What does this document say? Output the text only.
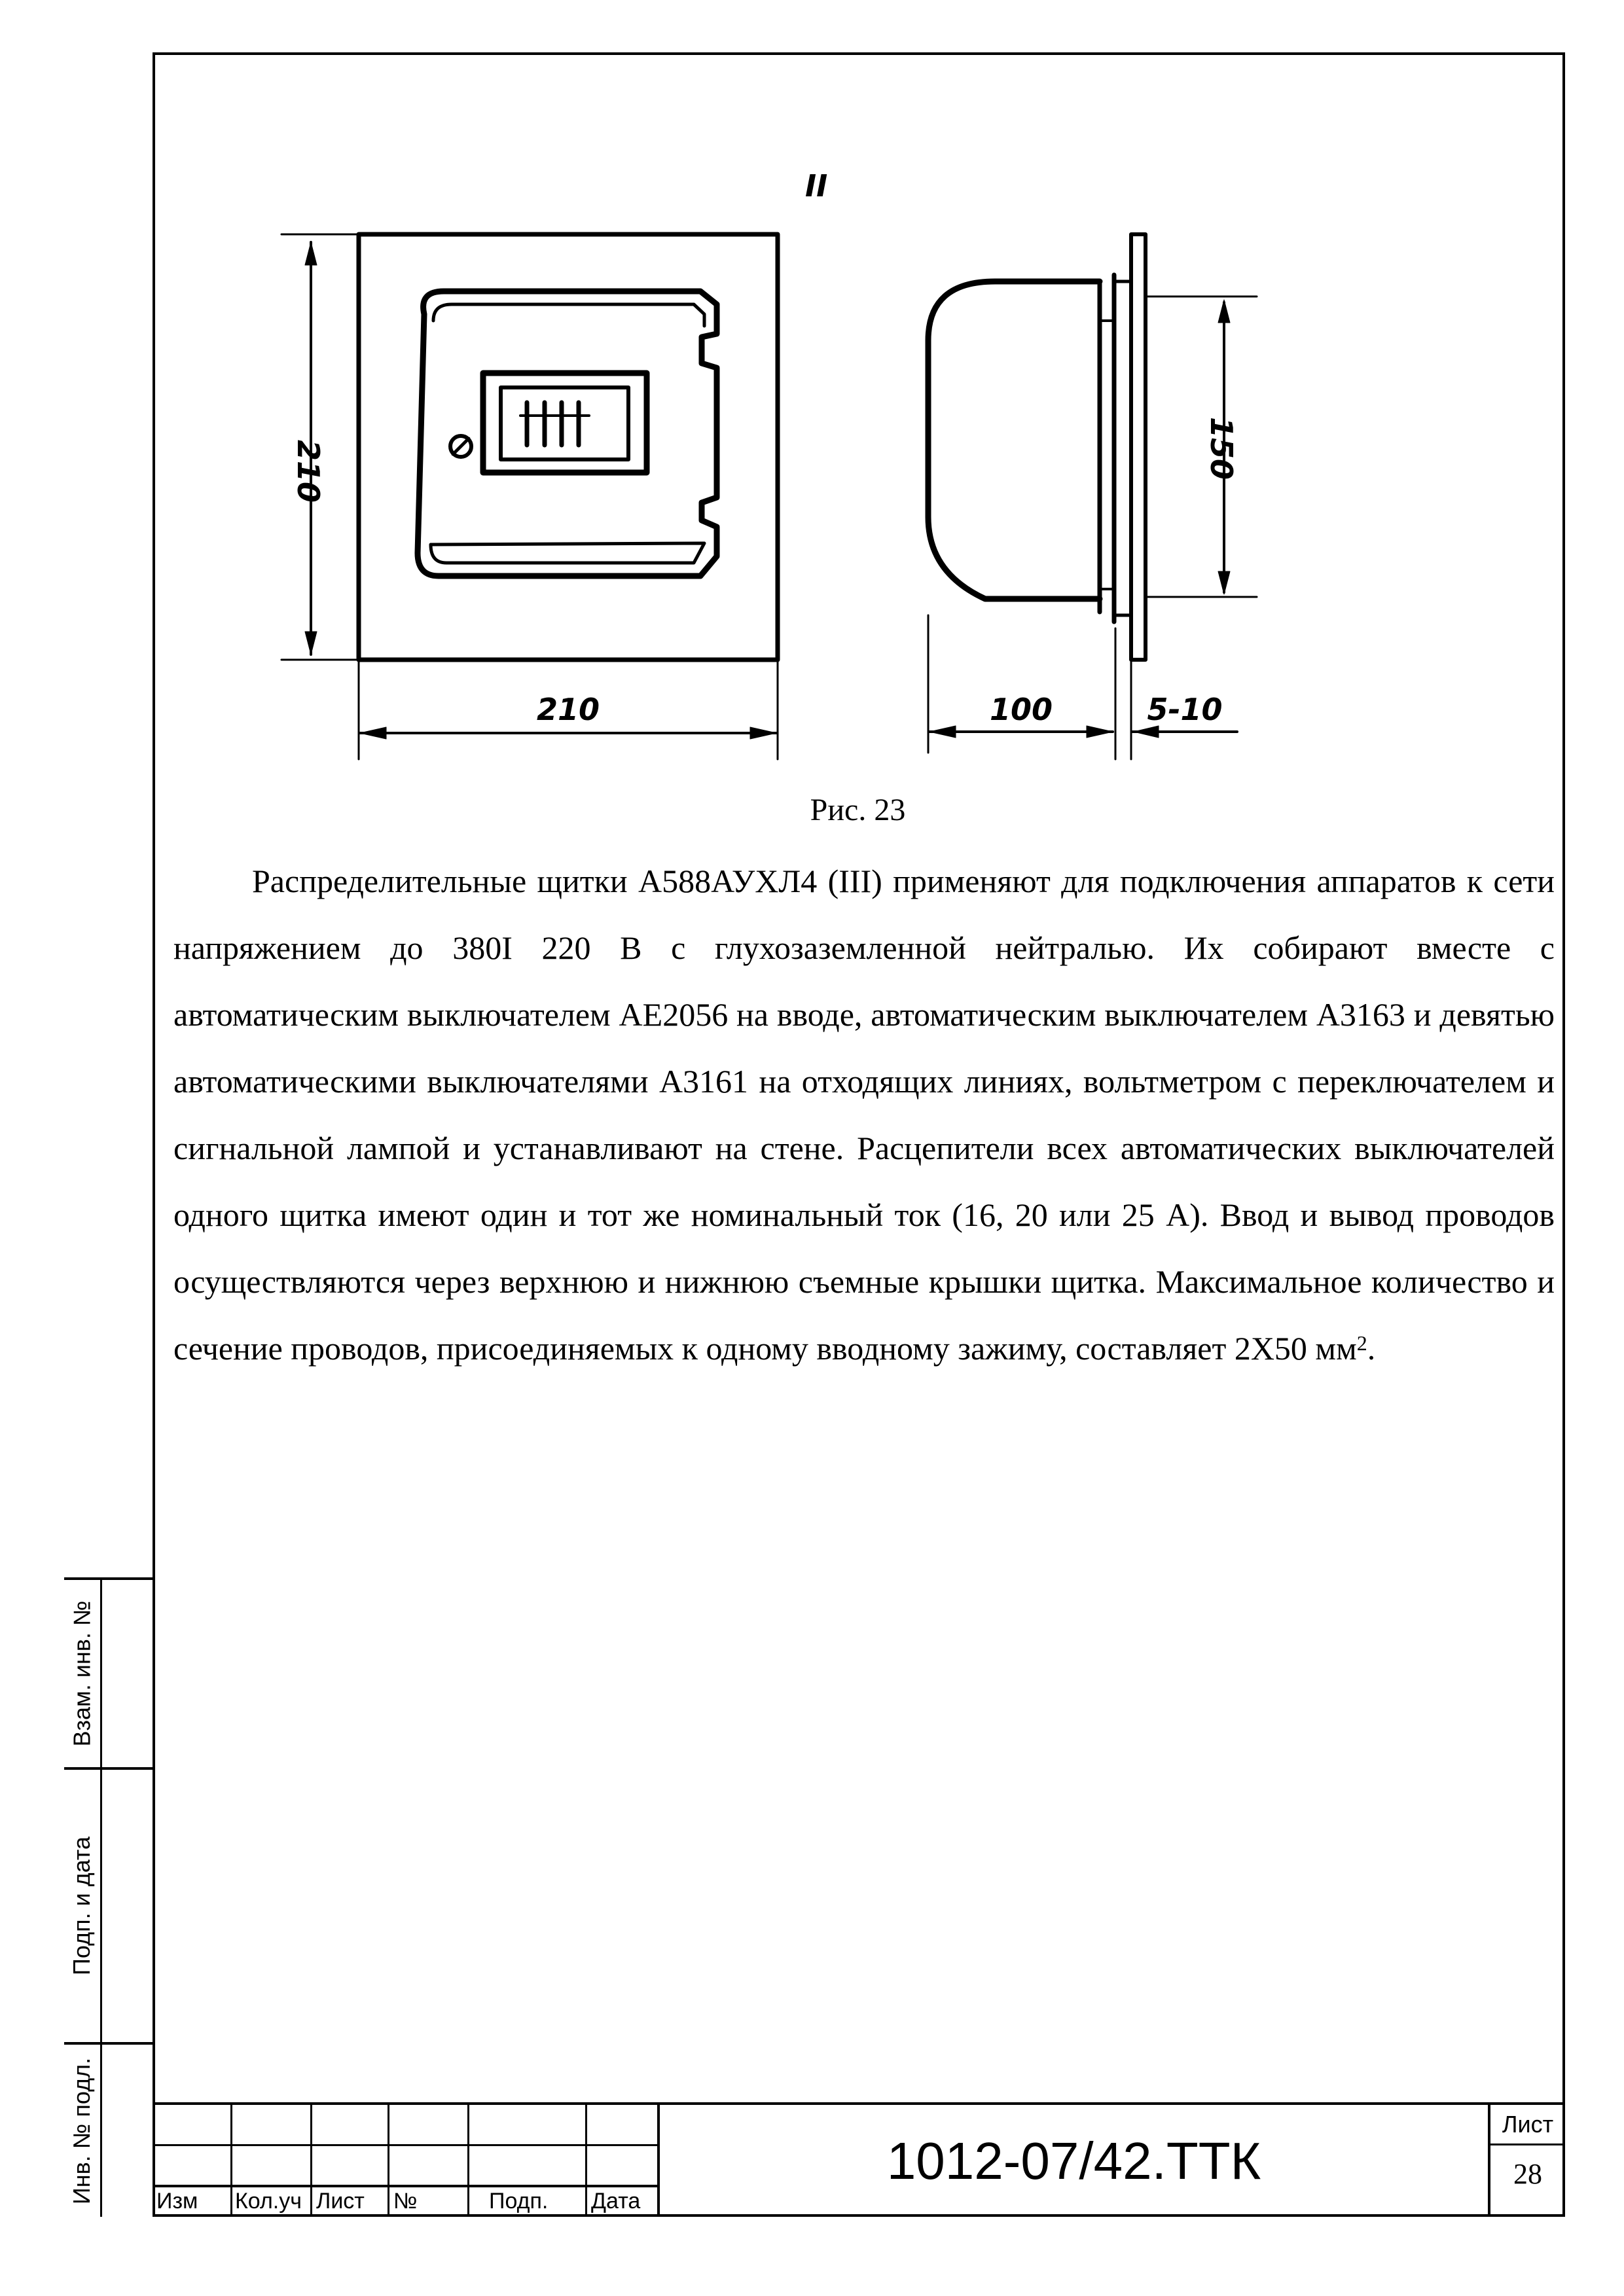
II
210
210
150
100	5-10
Рис. 23
Распределительные щитки А588АУХЛ4 (III) применяют для подключения аппаратов к сети напряжением до 380I 220 В с глухозаземленной нейтралью. Их собирают вместе с автоматическим выключателем АЕ2056 на вводе, автоматическим выключателем А3163 и девятью автоматическими выключателями А3161 на отходящих линиях, вольтметром с переключателем и сигнальной лампой и устанавливают на стене. Расцепители всех автоматических выключателей одного щитка имеют один и тот же номинальный ток (16, 20 или 25 А). Ввод и вывод проводов осуществляются через верхнюю и нижнюю съемные крышки щитка. Максимальное количество и сечение проводов, присоединяемых к одному вводному зажиму, составляет 2Х50 $мм^2$.
Взам. инв. №
Подп. и дата
Инв. № подл.	Изм	Кол.уч Лист	№	Подп.	Дата
1012-07/42.ТТК
Лист
28
